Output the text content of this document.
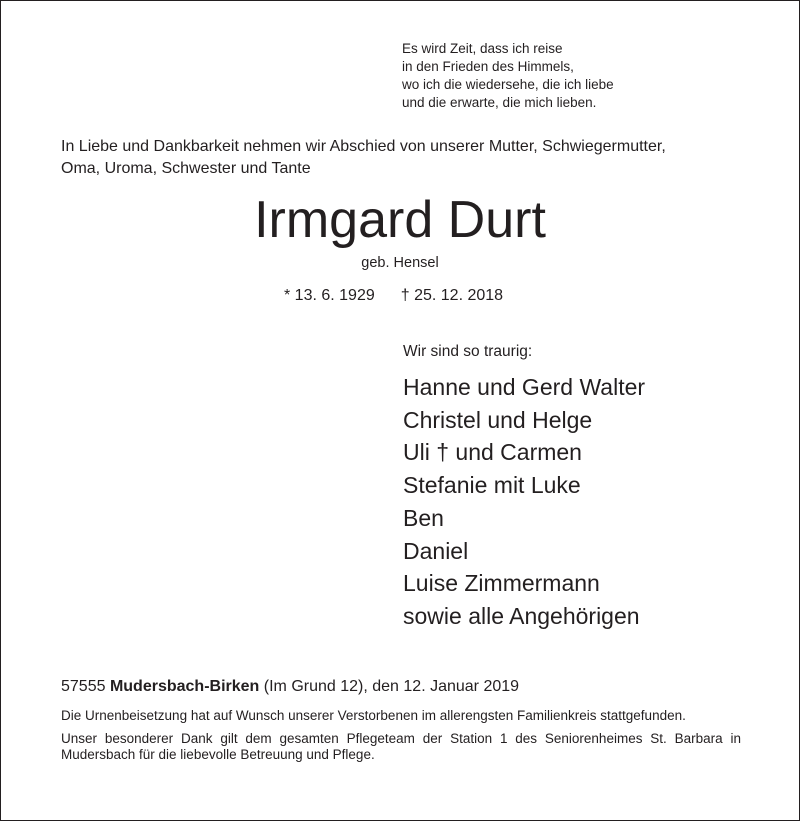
Es wird Zeit, dass ich reise
in den Frieden des Himmels,
wo ich die wiedersehe, die ich liebe
und die erwarte, die mich lieben.
In Liebe und Dankbarkeit nehmen wir Abschied von unserer Mutter, Schwiegermutter,
Oma, Uroma, Schwester und Tante
Irmgard Durt
geb. Hensel
* 13. 6. 1929 † 25. 12. 2018
Wir sind so traurig:
Hanne und Gerd Walter
Christel und Helge
Uli † und Carmen
Stefanie mit Luke
Ben
Daniel
Luise Zimmermann
sowie alle Angehörigen
57555 Mudersbach-Birken (Im Grund 12), den 12. Januar 2019

Die Urnenbeisetzung hat auf Wunsch unserer Verstorbenen im allerengsten Familienkreis stattgefunden.

Unser besonderer Dank gilt dem gesamten Pflegeteam der Station 1 des Seniorenheimes St. Barbara in Mudersbach für die liebevolle Betreuung und Pflege.
